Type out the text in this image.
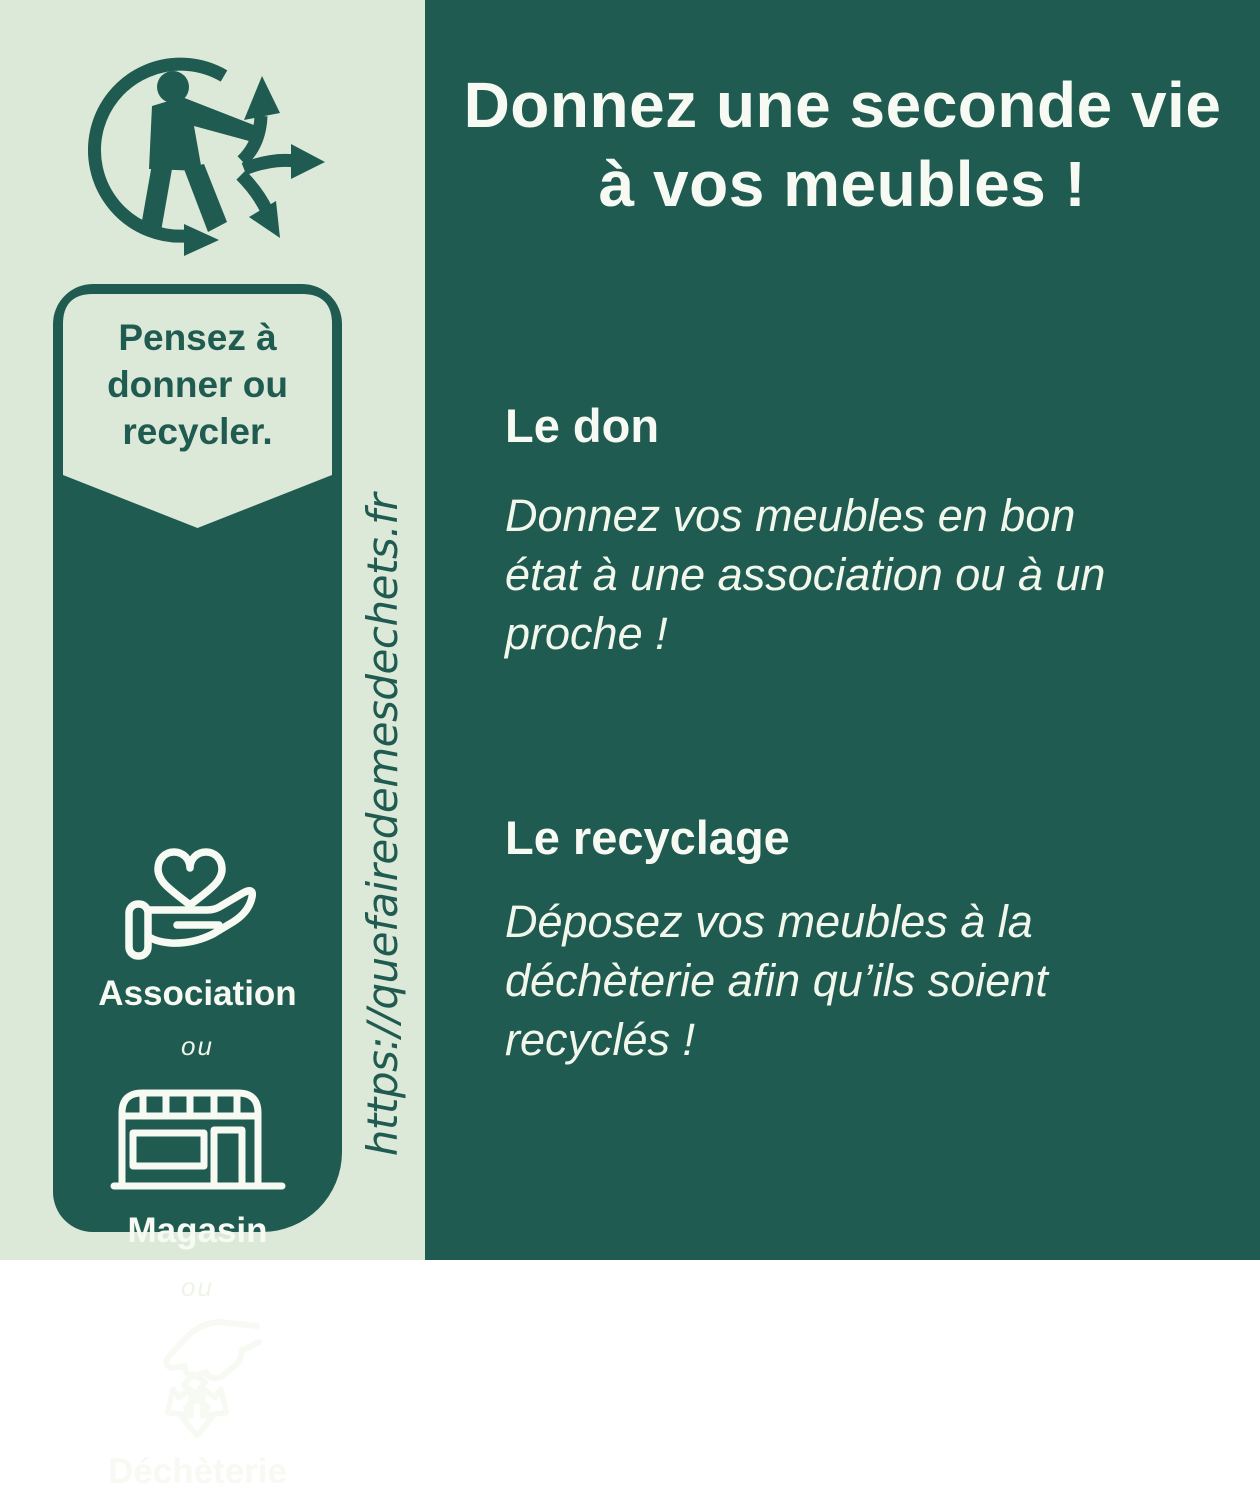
Pensez à
donner ou
recycler.
Association
ou
Magasin
ou
Déchèterie
https://quefairedemesdechets.fr
Donnez une seconde vie
à vos meubles !
Le don
Donnez vos meubles en bon
état à une association ou à un
proche !
Le recyclage
Déposez vos meubles à la
déchèterie afin qu’ils soient
recyclés !
